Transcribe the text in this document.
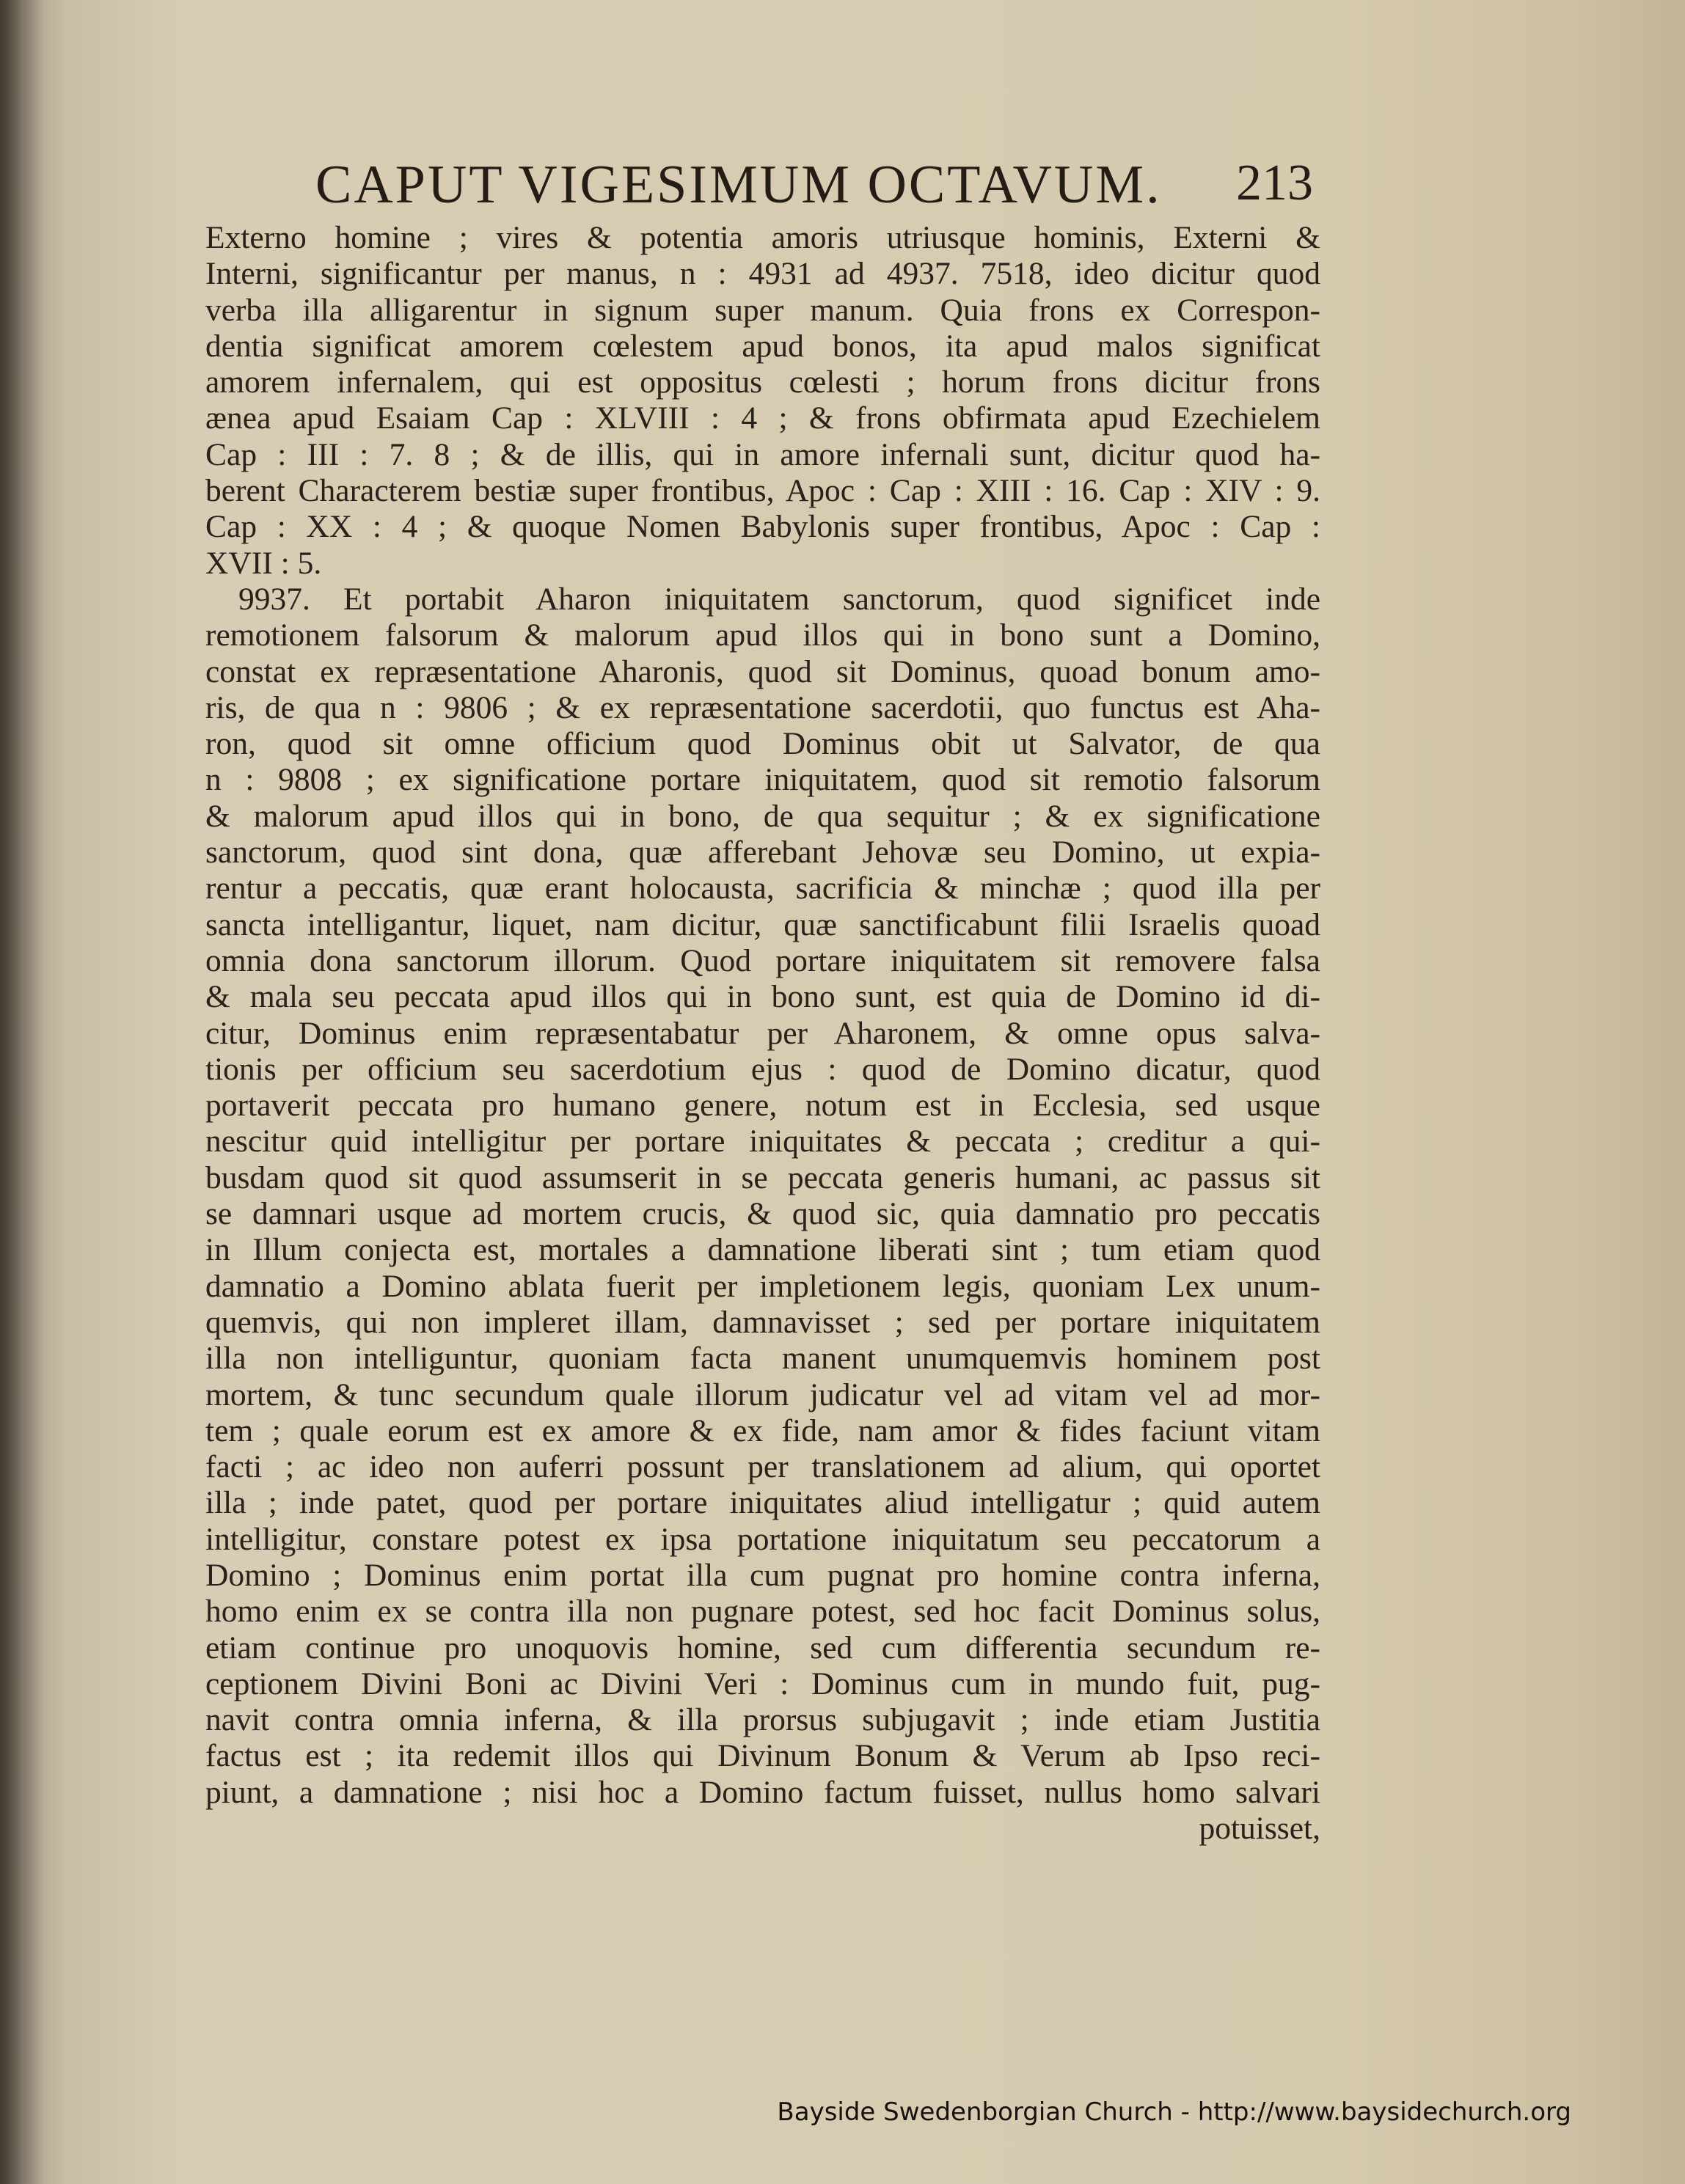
CAPUT VIGESIMUM OCTAVUM. 213
Externo homine ; vires & potentia amoris utriusque hominis, Externi &
Interni, significantur per manus, n : 4931 ad 4937. 7518, ideo dicitur quod
verba illa alligarentur in signum super manum. Quia frons ex Correspon-
dentia significat amorem cœlestem apud bonos, ita apud malos significat
amorem infernalem, qui est oppositus cœlesti ; horum frons dicitur frons
ænea apud Esaiam Cap : XLVIII : 4 ; & frons obfirmata apud Ezechielem
Cap : III : 7. 8 ; & de illis, qui in amore infernali sunt, dicitur quod ha-
berent Characterem bestiæ super frontibus, Apoc : Cap : XIII : 16. Cap : XIV : 9.
Cap : XX : 4 ; & quoque Nomen Babylonis super frontibus, Apoc : Cap :
XVII : 5.
9937. Et portabit Aharon iniquitatem sanctorum, quod significet inde
remotionem falsorum & malorum apud illos qui in bono sunt a Domino,
constat ex repræsentatione Aharonis, quod sit Dominus, quoad bonum amo-
ris, de qua n : 9806 ; & ex repræsentatione sacerdotii, quo functus est Aha-
ron, quod sit omne officium quod Dominus obit ut Salvator, de qua
n : 9808 ; ex significatione portare iniquitatem, quod sit remotio falsorum
& malorum apud illos qui in bono, de qua sequitur ; & ex significatione
sanctorum, quod sint dona, quæ afferebant Jehovæ seu Domino, ut expia-
rentur a peccatis, quæ erant holocausta, sacrificia & minchæ ; quod illa per
sancta intelligantur, liquet, nam dicitur, quæ sanctificabunt filii Israelis quoad
omnia dona sanctorum illorum. Quod portare iniquitatem sit removere falsa
& mala seu peccata apud illos qui in bono sunt, est quia de Domino id di-
citur, Dominus enim repræsentabatur per Aharonem, & omne opus salva-
tionis per officium seu sacerdotium ejus : quod de Domino dicatur, quod
portaverit peccata pro humano genere, notum est in Ecclesia, sed usque
nescitur quid intelligitur per portare iniquitates & peccata ; creditur a qui-
busdam quod sit quod assumserit in se peccata generis humani, ac passus sit
se damnari usque ad mortem crucis, & quod sic, quia damnatio pro peccatis
in Illum conjecta est, mortales a damnatione liberati sint ; tum etiam quod
damnatio a Domino ablata fuerit per impletionem legis, quoniam Lex unum-
quemvis, qui non impleret illam, damnavisset ; sed per portare iniquitatem
illa non intelliguntur, quoniam facta manent unumquemvis hominem post
mortem, & tunc secundum quale illorum judicatur vel ad vitam vel ad mor-
tem ; quale eorum est ex amore & ex fide, nam amor & fides faciunt vitam
facti ; ac ideo non auferri possunt per translationem ad alium, qui oportet
illa ; inde patet, quod per portare iniquitates aliud intelligatur ; quid autem
intelligitur, constare potest ex ipsa portatione iniquitatum seu peccatorum a
Domino ; Dominus enim portat illa cum pugnat pro homine contra inferna,
homo enim ex se contra illa non pugnare potest, sed hoc facit Dominus solus,
etiam continue pro unoquovis homine, sed cum differentia secundum re-
ceptionem Divini Boni ac Divini Veri : Dominus cum in mundo fuit, pug-
navit contra omnia inferna, & illa prorsus subjugavit ; inde etiam Justitia
factus est ; ita redemit illos qui Divinum Bonum & Verum ab Ipso reci-
piunt, a damnatione ; nisi hoc a Domino factum fuisset, nullus homo salvari
potuisset,
Bayside Swedenborgian Church - http://www.baysidechurch.org
